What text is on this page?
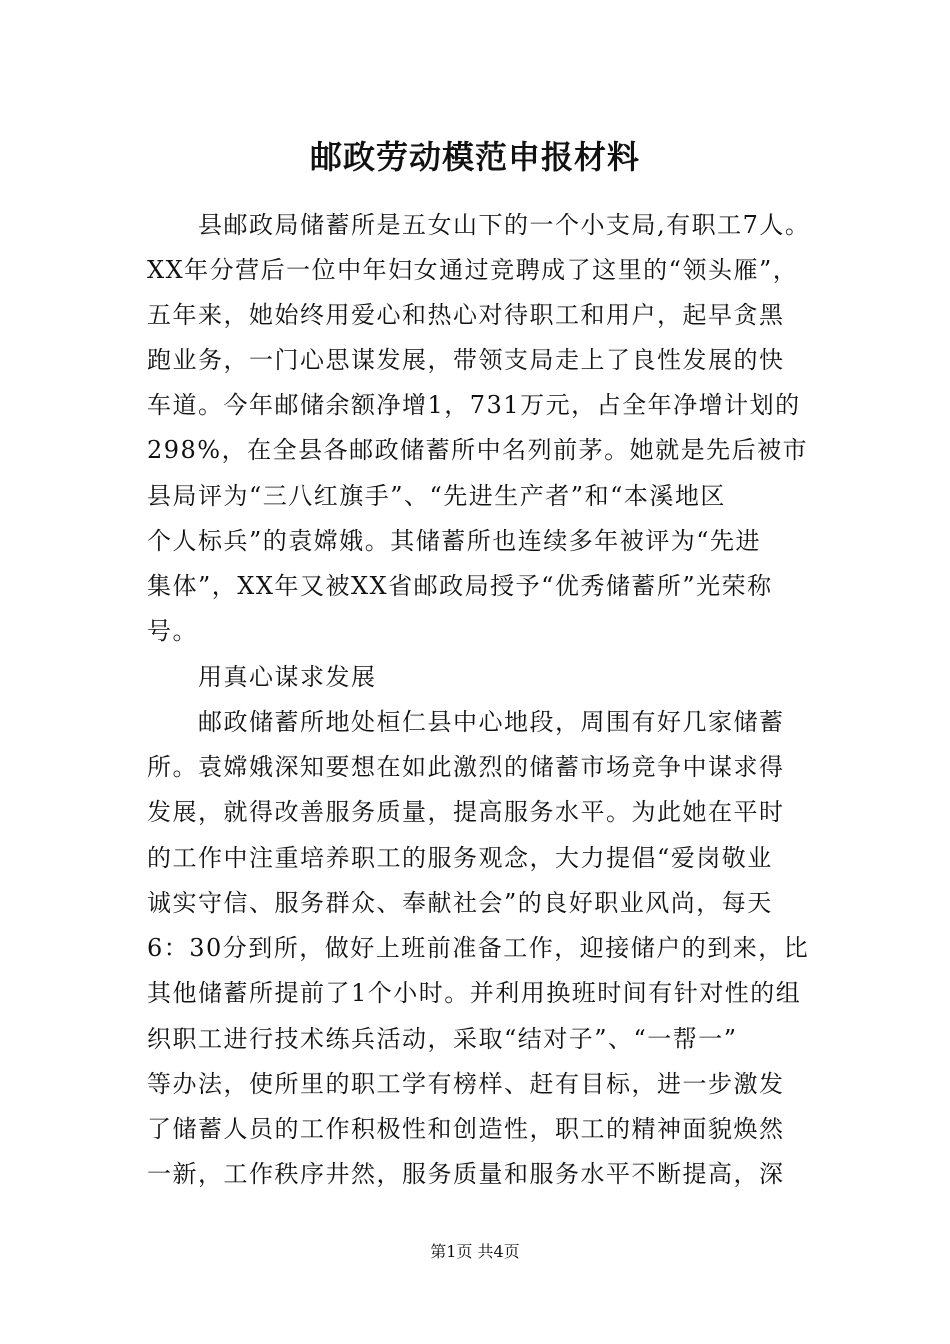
邮政劳动模范申报材料
　　县邮政局储蓄所是五女山下的一个小支局,有职工7人。
XX年分营后一位中年妇女通过竞聘成了这里的“领头雁”，
五年来，她始终用爱心和热心对待职工和用户，起早贪黑
跑业务，一门心思谋发展，带领支局走上了良性发展的快
车道。今年邮储余额净增1，731万元，占全年净增计划的
298%，在全县各邮政储蓄所中名列前茅。她就是先后被市
县局评为“三八红旗手”、“先进生产者”和“本溪地区
个人标兵”的袁嫦娥。其储蓄所也连续多年被评为“先进
集体”，XX年又被XX省邮政局授予“优秀储蓄所”光荣称
号。
　　用真心谋求发展
　　邮政储蓄所地处桓仁县中心地段，周围有好几家储蓄
所。袁嫦娥深知要想在如此激烈的储蓄市场竞争中谋求得
发展，就得改善服务质量，提高服务水平。为此她在平时
的工作中注重培养职工的服务观念，大力提倡“爱岗敬业
诚实守信、服务群众、奉献社会”的良好职业风尚，每天
6：30分到所，做好上班前准备工作，迎接储户的到来，比
其他储蓄所提前了1个小时。并利用换班时间有针对性的组
织职工进行技术练兵活动，采取“结对子”、“一帮一”
等办法，使所里的职工学有榜样、赶有目标，进一步激发
了储蓄人员的工作积极性和创造性，职工的精神面貌焕然
一新，工作秩序井然，服务质量和服务水平不断提高，深
第1页 共4页
